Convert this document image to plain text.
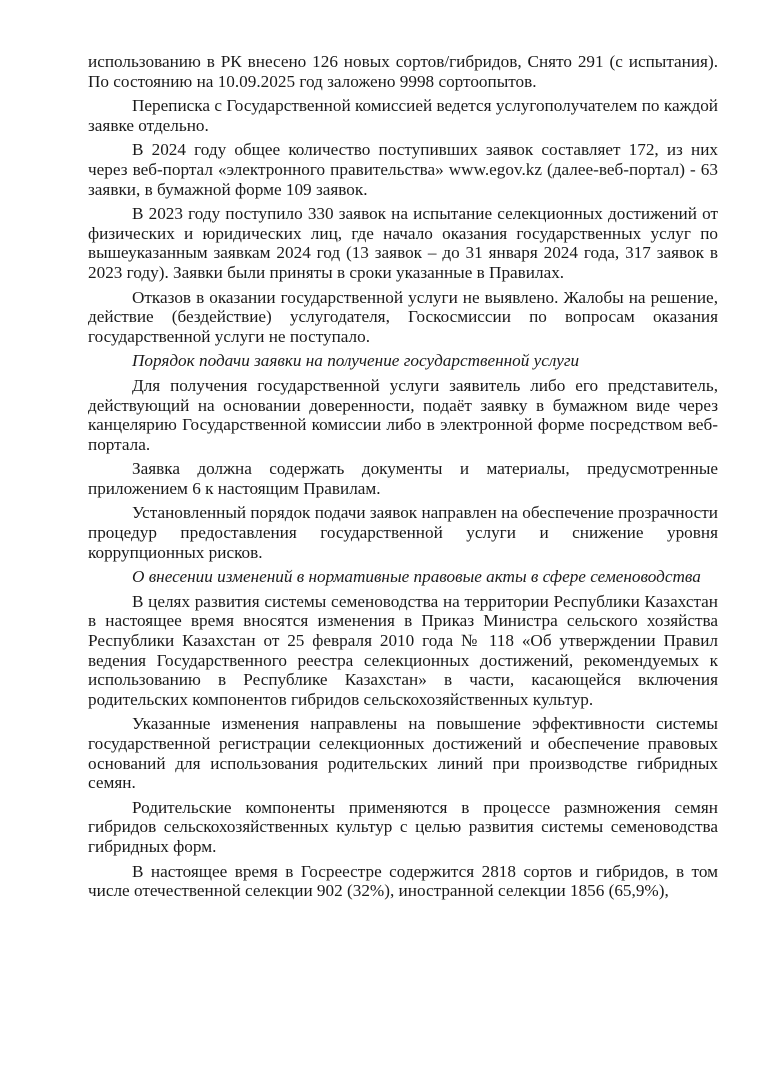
использованию в РК внесено 126 новых сортов/гибридов, Снято 291 (с испытания). По состоянию на 10.09.2025 год заложено 9998 сортоопытов.

Переписка с Государственной комиссией ведется услугополучателем по каждой заявке отдельно.

В 2024 году общее количество поступивших заявок составляет 172, из них через веб-портал «электронного правительства» www.egov.kz (далее-веб-портал) - 63 заявки, в бумажной форме 109 заявок.

В 2023 году поступило 330 заявок на испытание селекционных достижений от физических и юридических лиц, где начало оказания государственных услуг по вышеуказанным заявкам 2024 год (13 заявок – до 31 января 2024 года, 317 заявок в 2023 году). Заявки были приняты в сроки указанные в Правилах.

Отказов в оказании государственной услуги не выявлено. Жалобы на решение, действие (бездействие) услугодателя, Госкосмиссии по вопросам оказания государственной услуги не поступало.

Порядок подачи заявки на получение государственной услуги

Для получения государственной услуги заявитель либо его представитель, действующий на основании доверенности, подаёт заявку в бумажном виде через канцелярию Государственной комиссии либо в электронной форме посредством веб-портала.

Заявка должна содержать документы и материалы, предусмотренные приложением 6 к настоящим Правилам.

Установленный порядок подачи заявок направлен на обеспечение прозрачности процедур предоставления государственной услуги и снижение уровня коррупционных рисков.

О внесении изменений в нормативные правовые акты в сфере семеноводства

В целях развития системы семеноводства на территории Республики Казахстан в настоящее время вносятся изменения в Приказ Министра сельского хозяйства Республики Казахстан от 25 февраля 2010 года № 118 «Об утверждении Правил ведения Государственного реестра селекционных достижений, рекомендуемых к использованию в Республике Казахстан» в части, касающейся включения родительских компонентов гибридов сельскохозяйственных культур.

Указанные изменения направлены на повышение эффективности системы государственной регистрации селекционных достижений и обеспечение правовых оснований для использования родительских линий при производстве гибридных семян.

Родительские компоненты применяются в процессе размножения семян гибридов сельскохозяйственных культур с целью развития системы семеноводства гибридных форм.

В настоящее время в Госреестре содержится 2818 сортов и гибридов, в том числе отечественной селекции 902 (32%), иностранной селекции 1856 (65,9%),
